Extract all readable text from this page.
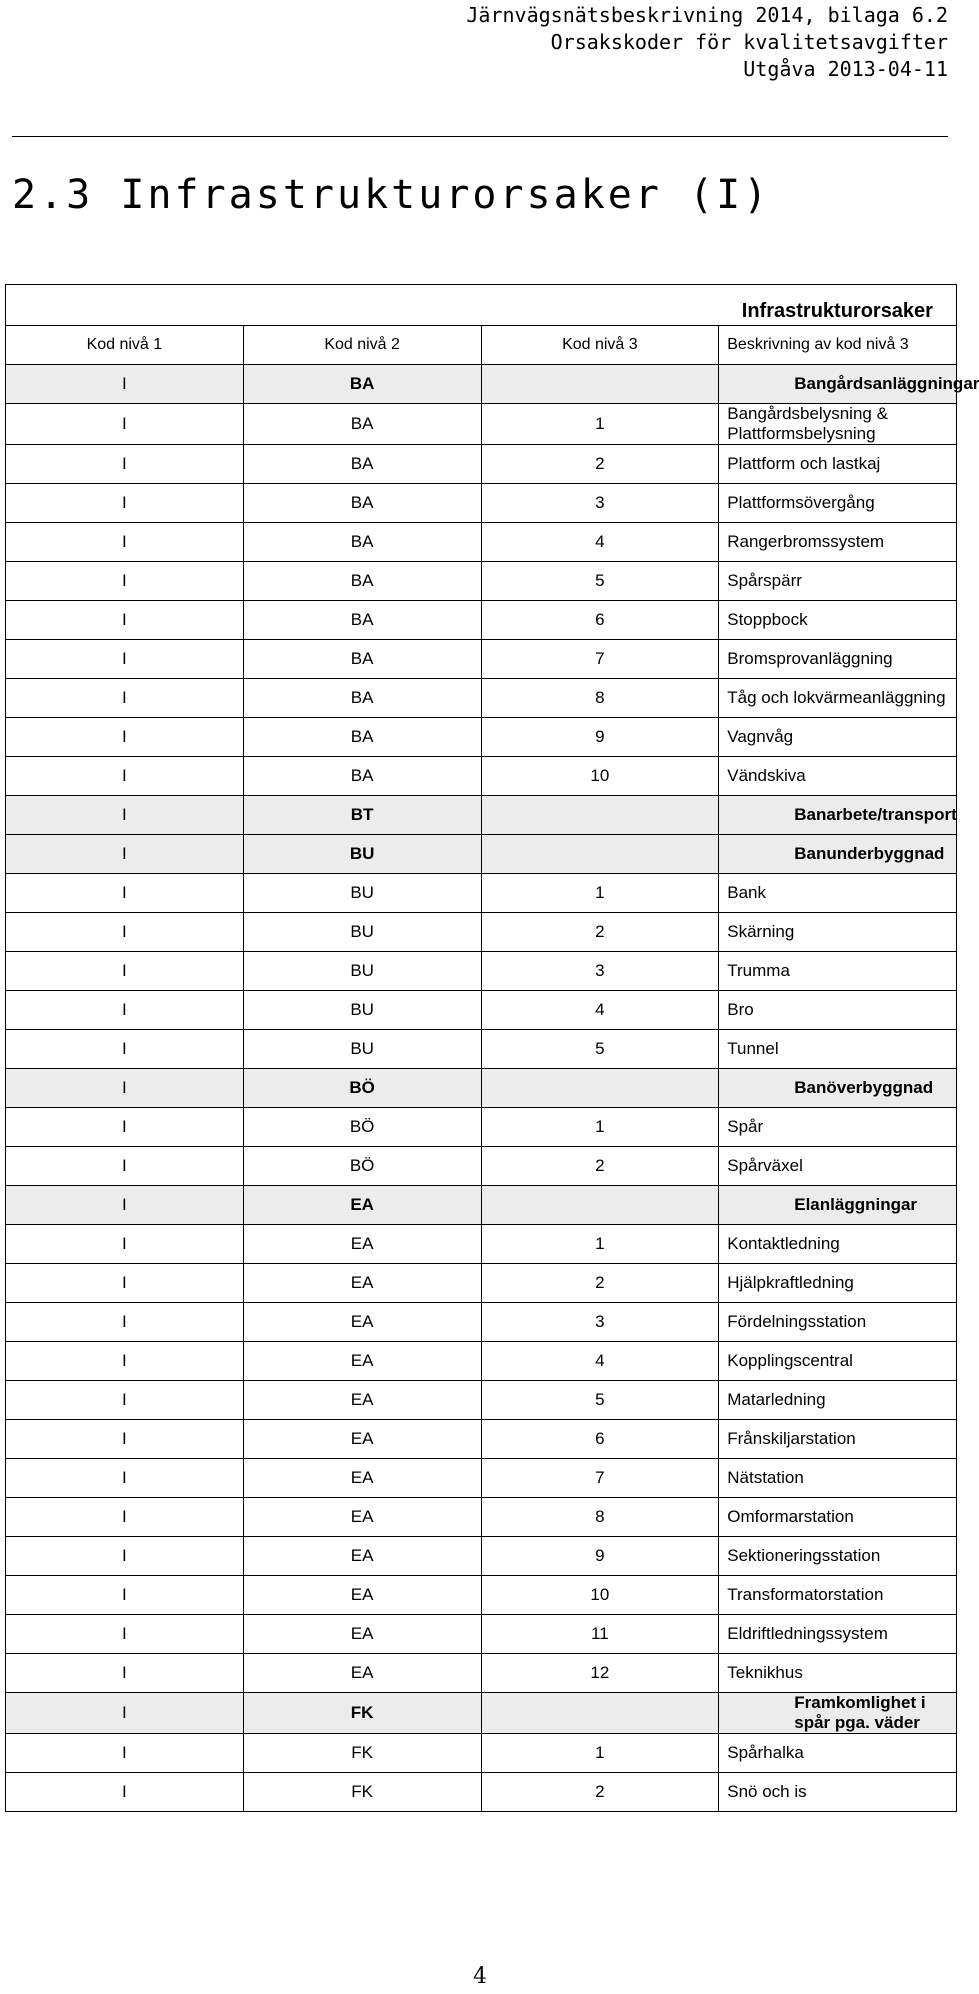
Järnvägsnätsbeskrivning 2014, bilaga 6.2
Orsakskoder för kvalitetsavgifter
Utgåva 2013-04-11
2.3 Infrastrukturorsaker (I)
			Infrastrukturorsaker
Kod nivå 1	Kod nivå 2	Kod nivå 3	Beskrivning av kod nivå 3
I	BA		Bangårdsanläggningar
I	BA	1	Bangårdsbelysning & Plattformsbelysning
I	BA	2	Plattform och lastkaj
I	BA	3	Plattformsövergång
I	BA	4	Rangerbromssystem
I	BA	5	Spårspärr
I	BA	6	Stoppbock
I	BA	7	Bromsprovanläggning
I	BA	8	Tåg och lokvärmeanläggning
I	BA	9	Vagnvåg
I	BA	10	Vändskiva
I	BT		Banarbete/transport
I	BU		Banunderbyggnad
I	BU	1	Bank
I	BU	2	Skärning
I	BU	3	Trumma
I	BU	4	Bro
I	BU	5	Tunnel
I	BÖ		Banöverbyggnad
I	BÖ	1	Spår
I	BÖ	2	Spårväxel
I	EA		Elanläggningar
I	EA	1	Kontaktledning
I	EA	2	Hjälpkraftledning
I	EA	3	Fördelningsstation
I	EA	4	Kopplingscentral
I	EA	5	Matarledning
I	EA	6	Frånskiljarstation
I	EA	7	Nätstation
I	EA	8	Omformarstation
I	EA	9	Sektioneringsstation
I	EA	10	Transformatorstation
I	EA	11	Eldriftledningssystem
I	EA	12	Teknikhus
I	FK		Framkomlighet i spår pga. väder
I	FK	1	Spårhalka
I	FK	2	Snö och is
4
